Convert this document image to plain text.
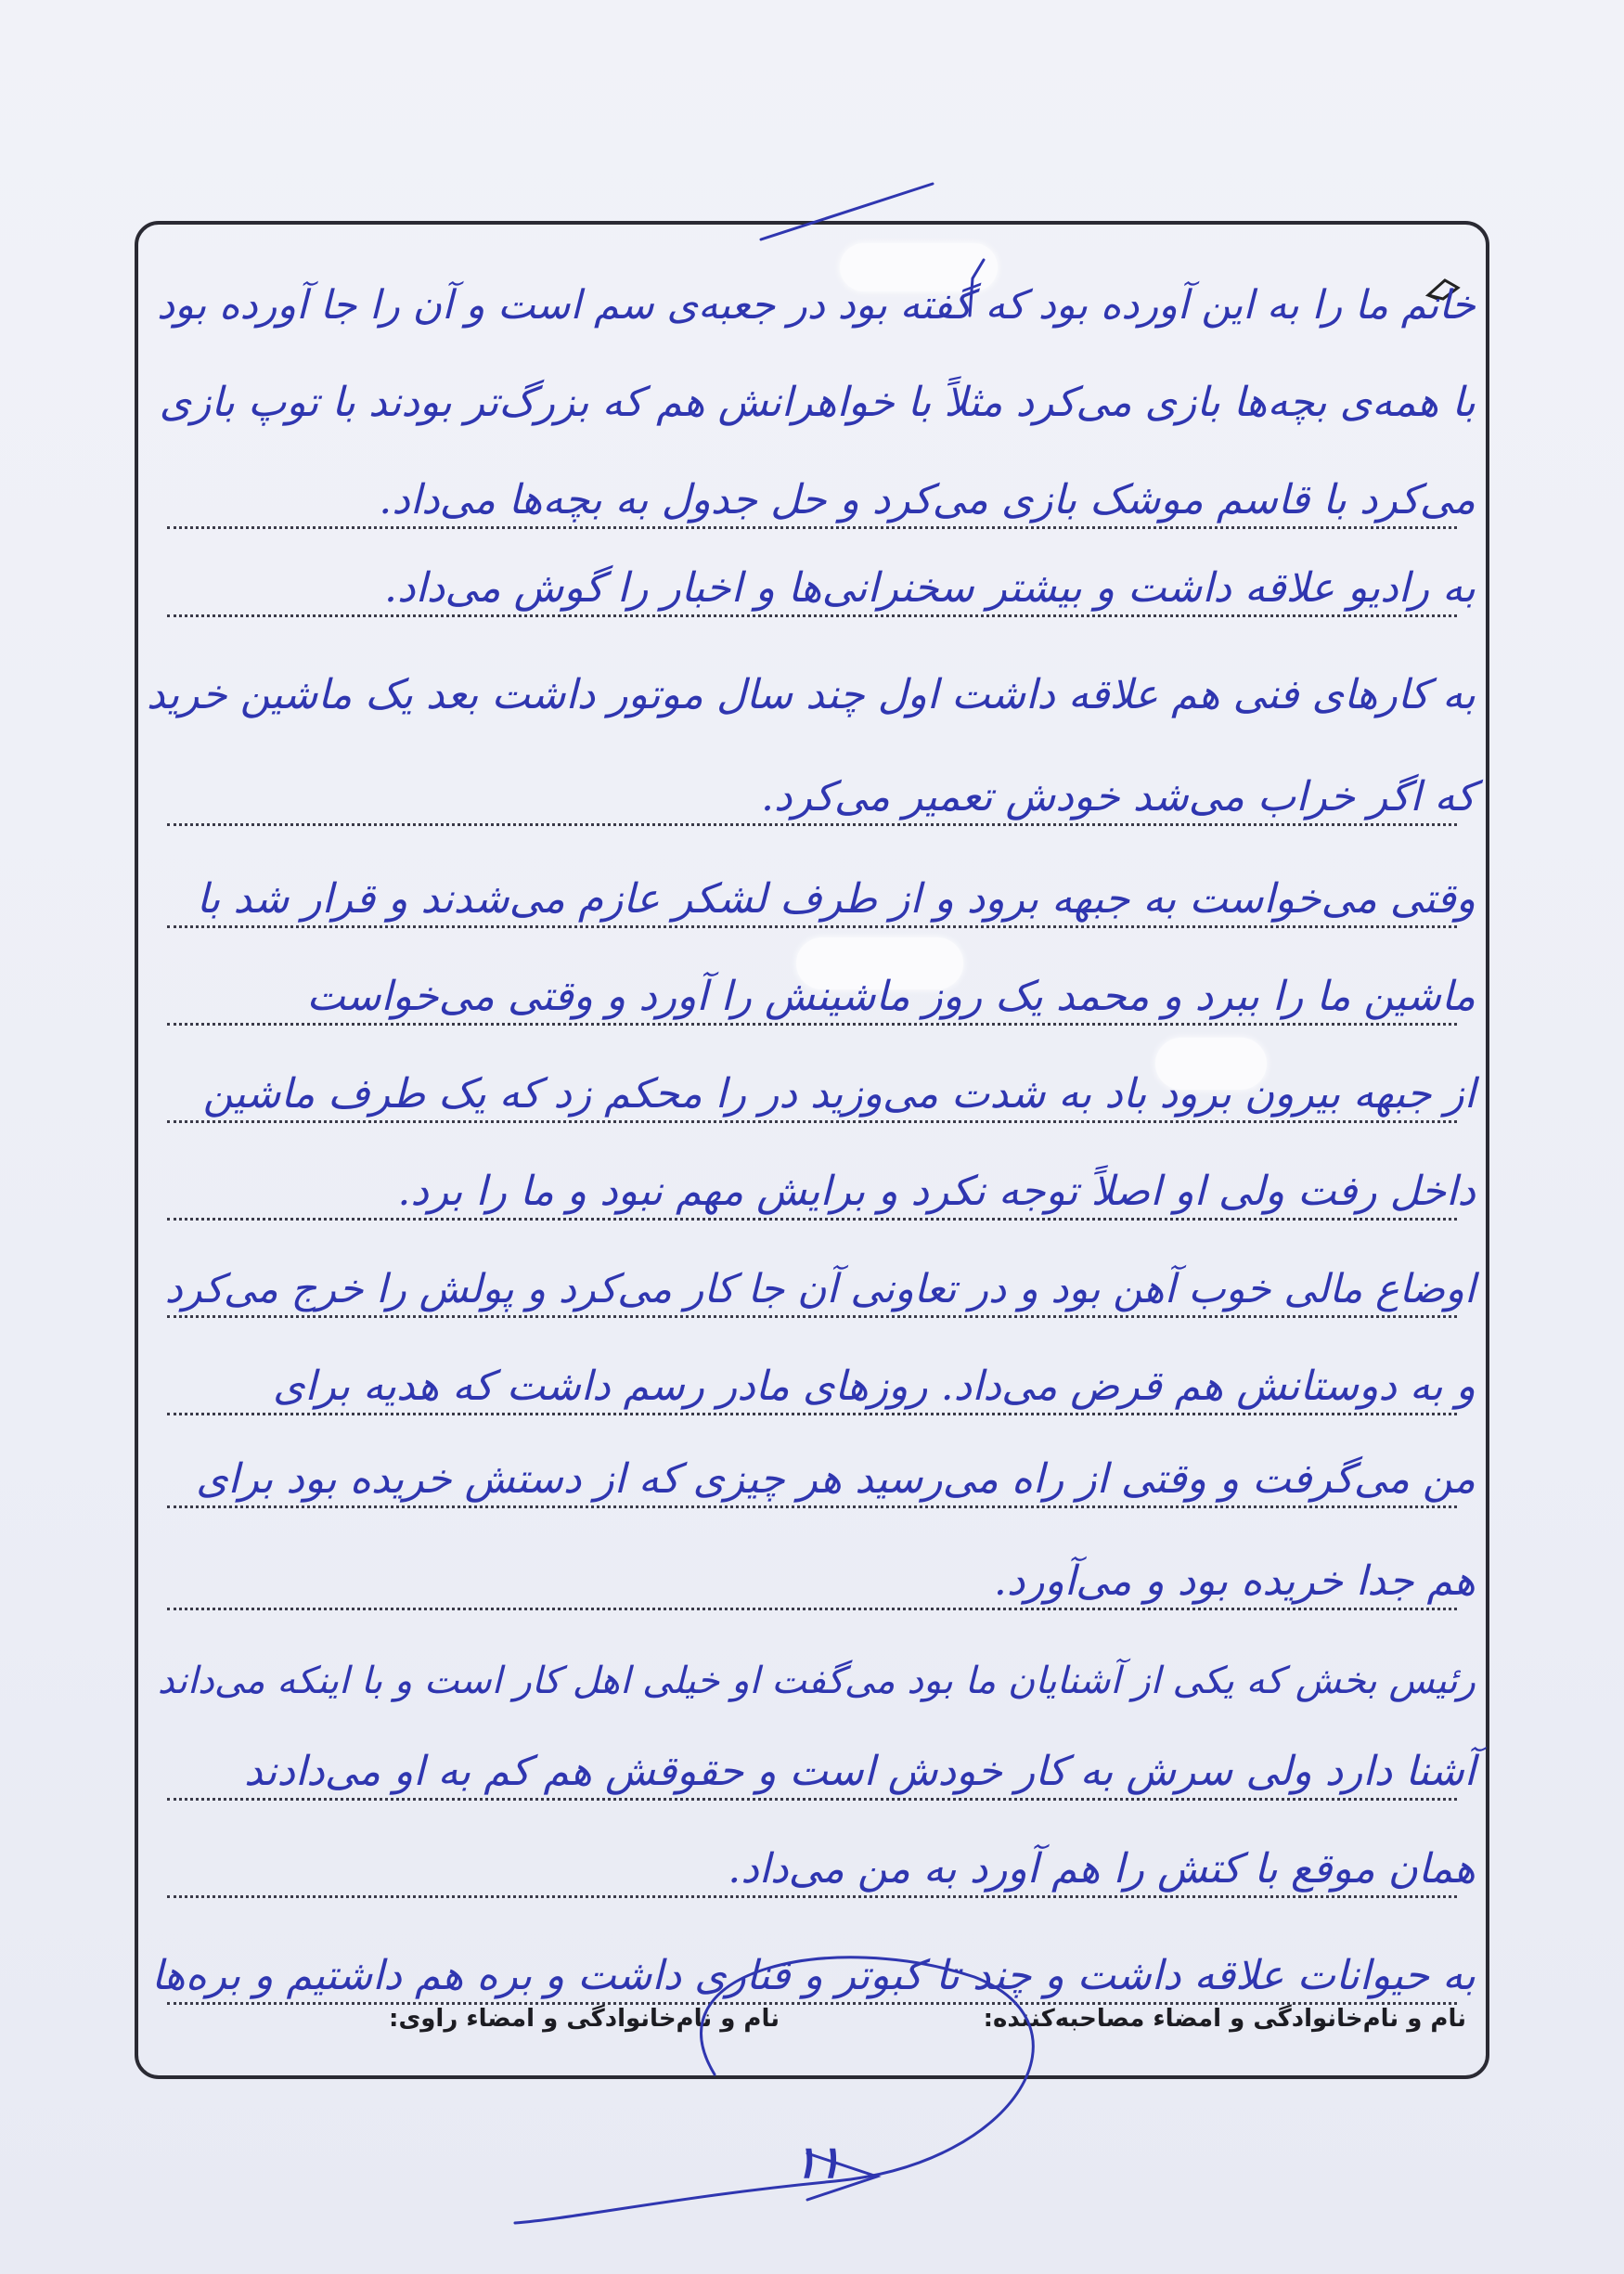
خانم ما را به این آورده بود که گفته بود در جعبه‌ی سم است و آن را جا آورده بود
با همه‌ی بچه‌ها بازی می‌کرد مثلاً با خواهرانش هم که بزرگ‌تر بودند با توپ بازی
می‌کرد با قاسم موشک بازی می‌کرد و حل جدول به بچه‌ها می‌داد.
به رادیو علاقه داشت و بیشتر سخنرانی‌ها و اخبار را گوش می‌داد.
به کارهای فنی هم علاقه داشت اول چند سال موتور داشت بعد یک ماشین خرید
که اگر خراب می‌شد خودش تعمیر می‌کرد.
وقتی می‌خواست به جبهه برود و از طرف لشکر عازم می‌شدند و قرار شد با
ماشین ما را ببرد و محمد یک روز ماشینش را آورد و وقتی می‌خواست
از جبهه بیرون برود باد به شدت می‌وزید در را محکم زد که یک طرف ماشین
داخل رفت ولی او اصلاً توجه نکرد و برایش مهم نبود و ما را برد.
اوضاع مالی خوب آهن بود و در تعاونی آن جا کار می‌کرد و پولش را خرج می‌کرد
و به دوستانش هم قرض می‌داد. روزهای مادر رسم داشت که هدیه برای
من می‌گرفت و وقتی از راه می‌رسید هر چیزی که از دستش خریده بود برای
هم جدا خریده بود و می‌آورد.
رئیس بخش که یکی از آشنایان ما بود می‌گفت او خیلی اهل کار است و با اینکه می‌داند
آشنا دارد ولی سرش به کار خودش است و حقوقش هم کم به او می‌دادند
همان موقع با کتش را هم آورد به من می‌داد.
به حیوانات علاقه داشت و چند تا کبوتر و قناری داشت و بره هم داشتیم و بره‌ها
نام و نام‌خانوادگی و امضاء مصاحبه‌کننده:
نام و نام‌خانوادگی و امضاء راوی:
۱۱
